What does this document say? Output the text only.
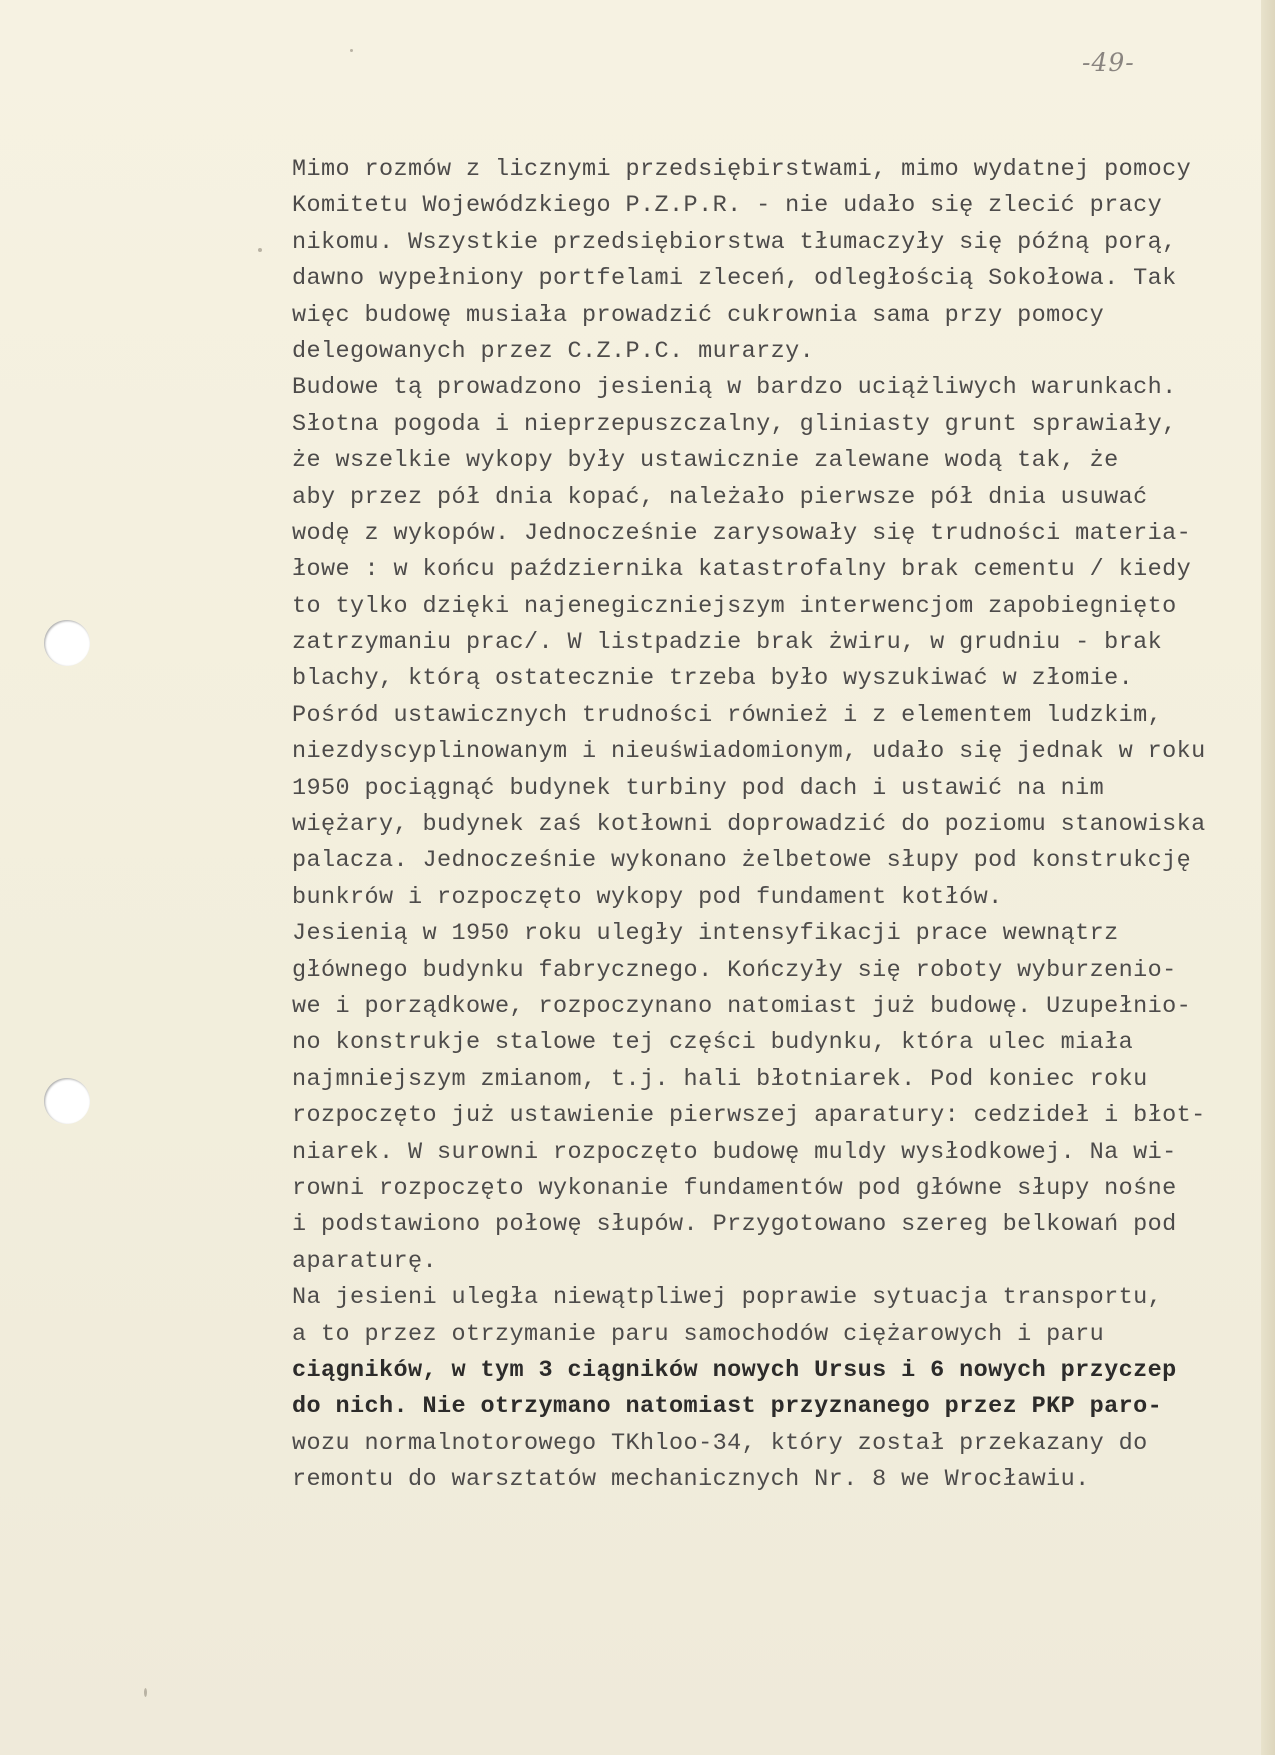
-49-
Mimo rozmów z licznymi przedsiębirstwami, mimo wydatnej pomocy
Komitetu Wojewódzkiego P.Z.P.R. - nie udało się zlecić pracy
nikomu. Wszystkie przedsiębiorstwa tłumaczyły się późną porą,
dawno wypełniony portfelami zleceń, odległością Sokołowa. Tak
więc budowę musiała prowadzić cukrownia sama przy pomocy
delegowanych przez C.Z.P.C. murarzy.
Budowe tą prowadzono jesienią w bardzo uciążliwych warunkach.
Słotna pogoda i nieprzepuszczalny, gliniasty grunt sprawiały,
że wszelkie wykopy były ustawicznie zalewane wodą tak, że
aby przez pół dnia kopać, należało pierwsze pół dnia usuwać
wodę z wykopów. Jednocześnie zarysowały się trudności materia-
łowe : w końcu października katastrofalny brak cementu / kiedy
to tylko dzięki najenegiczniejszym interwencjom zapobiegnięto
zatrzymaniu prac/. W listpadzie brak żwiru, w grudniu - brak
blachy, którą ostatecznie trzeba było wyszukiwać w złomie.
Pośród ustawicznych trudności również i z elementem ludzkim,
niezdyscyplinowanym i nieuświadomionym, udało się jednak w roku
1950 pociągnąć budynek turbiny pod dach i ustawić na nim
więżary, budynek zaś kotłowni doprowadzić do poziomu stanowiska
palacza. Jednocześnie wykonano żelbetowe słupy pod konstrukcję
bunkrów i rozpoczęto wykopy pod fundament kotłów.
Jesienią w 1950 roku uległy intensyfikacji prace wewnątrz
głównego budynku fabrycznego. Kończyły się roboty wyburzenio-
we i porządkowe, rozpoczynano natomiast już budowę. Uzupełnio-
no konstrukje stalowe tej części budynku, która ulec miała
najmniejszym zmianom, t.j. hali błotniarek. Pod koniec roku
rozpoczęto już ustawienie pierwszej aparatury: cedzideł i błot-
niarek. W surowni rozpoczęto budowę muldy wysłodkowej. Na wi-
rowni rozpoczęto wykonanie fundamentów pod główne słupy nośne
i podstawiono połowę słupów. Przygotowano szereg belkowań pod
aparaturę.
Na jesieni uległa niewątpliwej poprawie sytuacja transportu,
a to przez otrzymanie paru samochodów ciężarowych i paru
ciągników, w tym 3 ciągników nowych Ursus i 6 nowych przyczep
do nich. Nie otrzymano natomiast przyznanego przez PKP paro-
wozu normalnotorowego TKhloo-34, który został przekazany do
remontu do warsztatów mechanicznych Nr. 8 we Wrocławiu.
